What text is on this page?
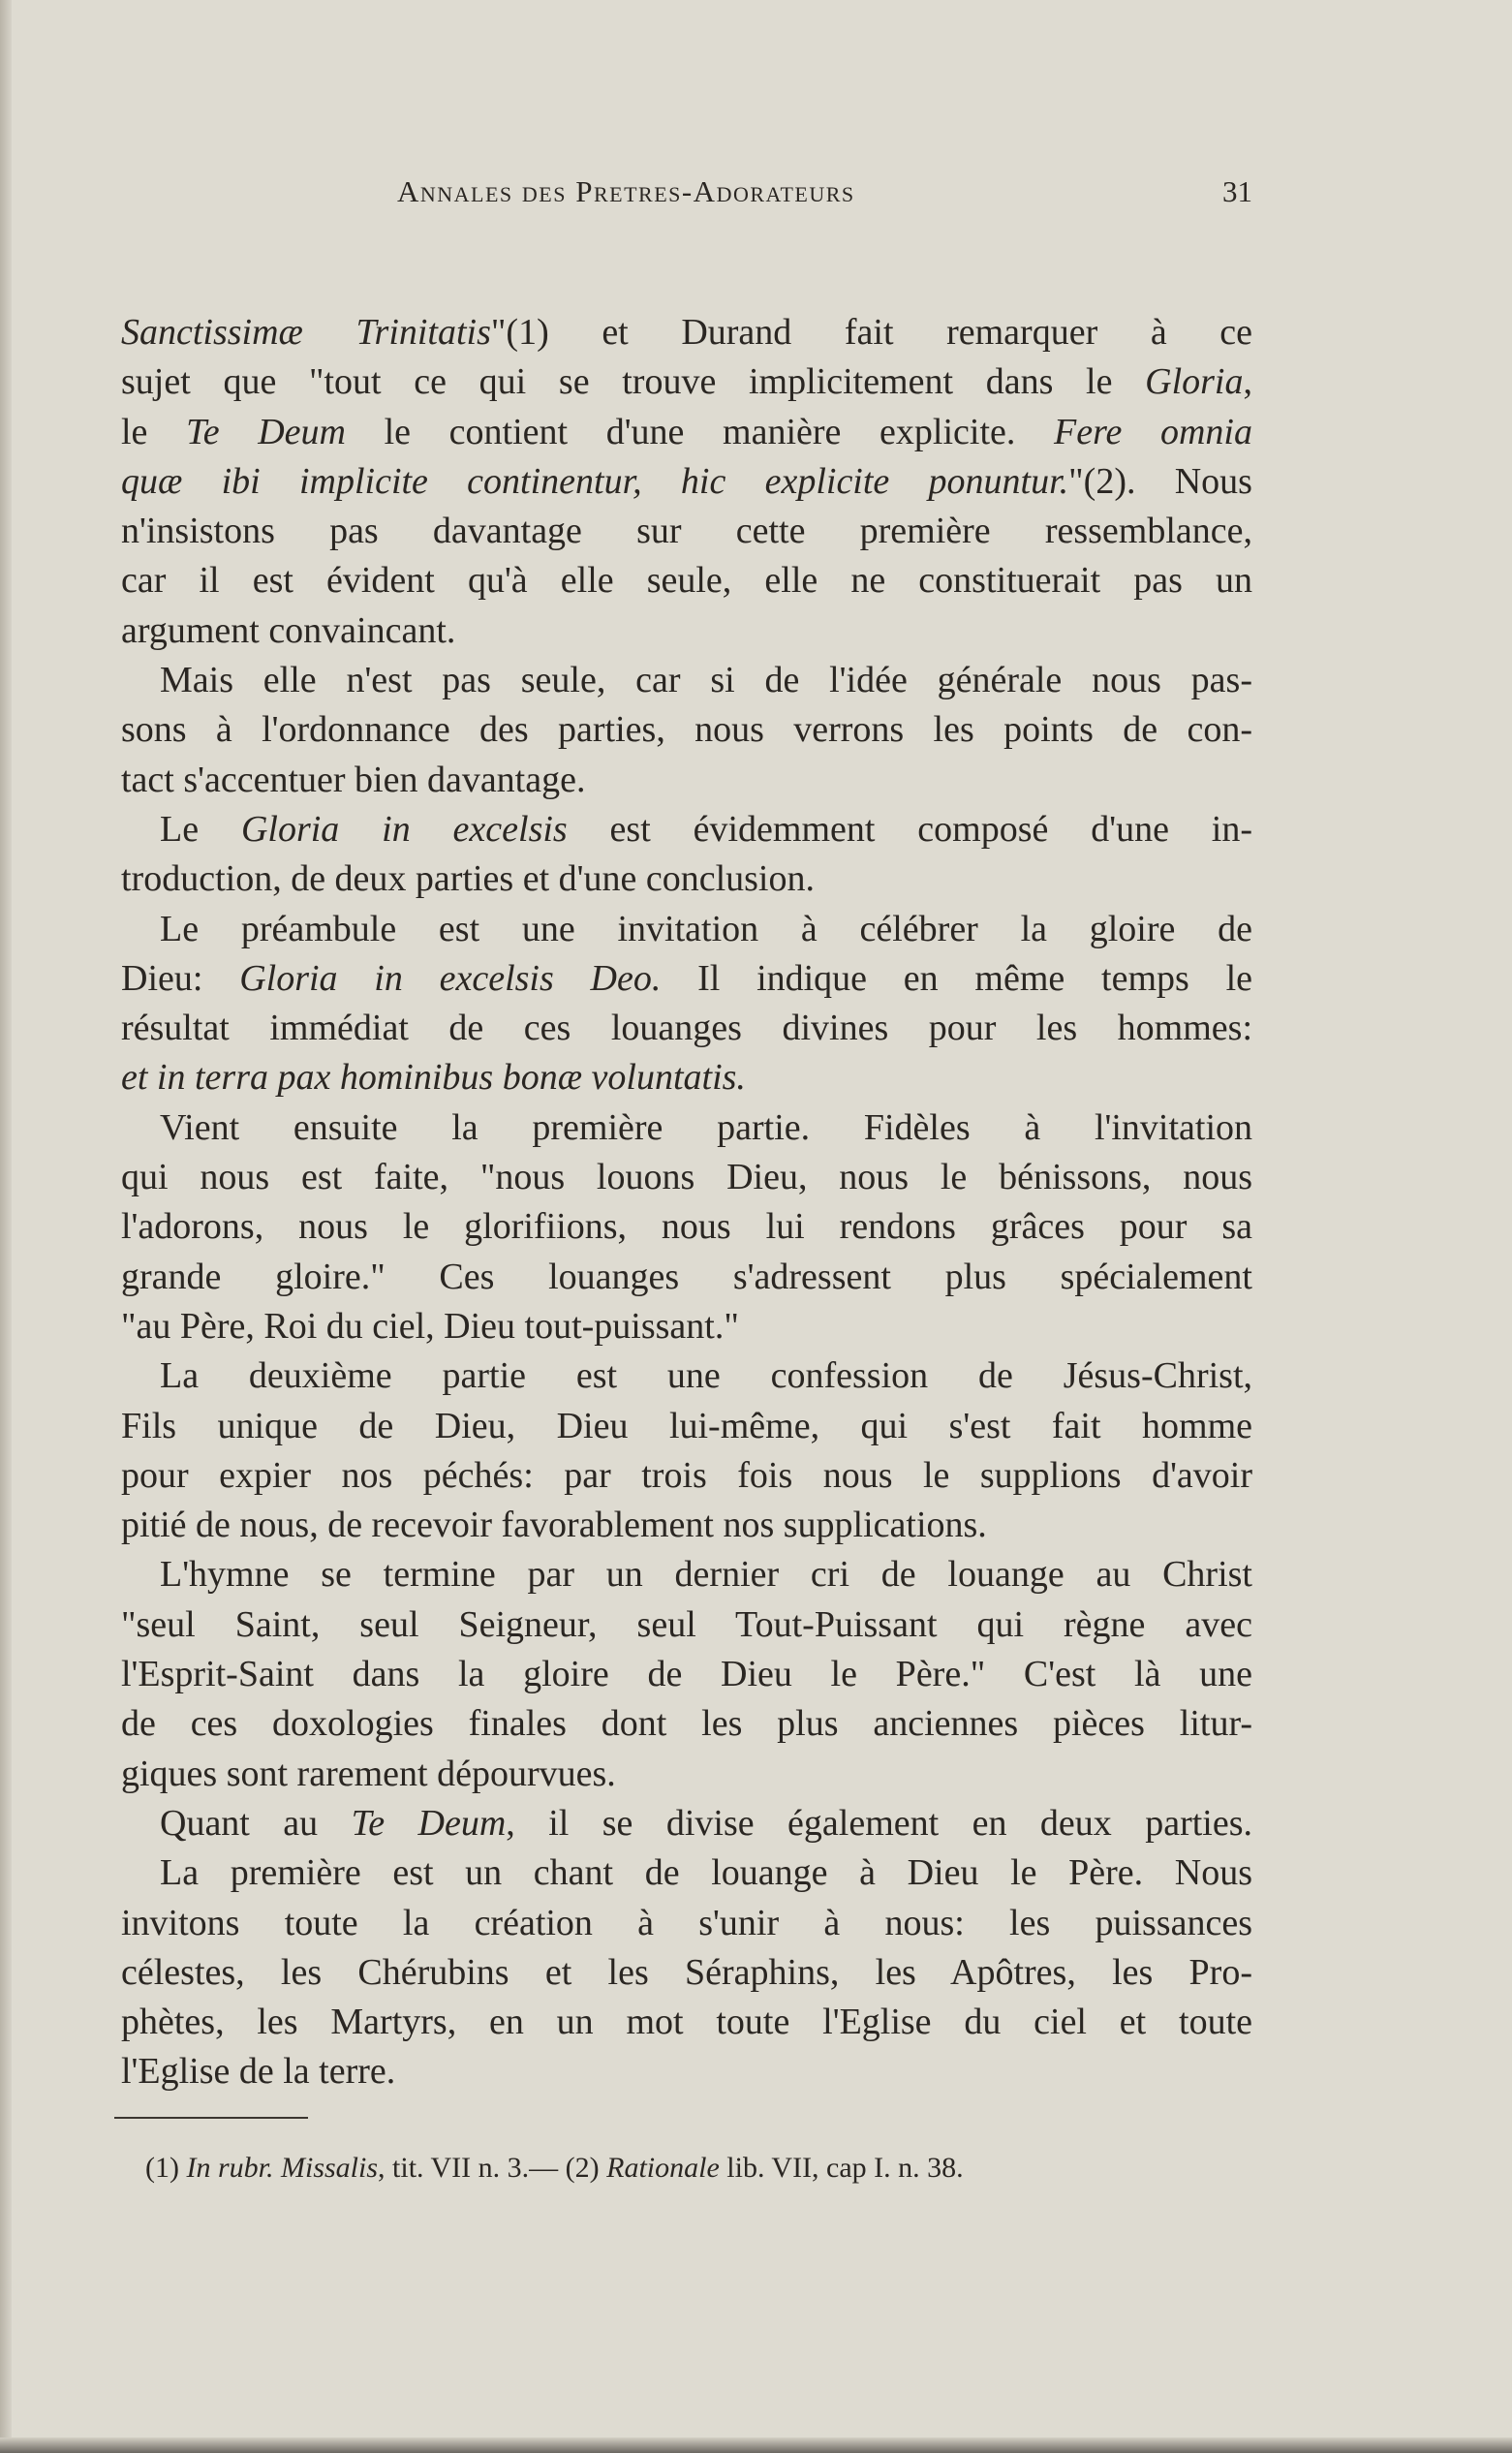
Annales des Pretres-Adorateurs	31
Sanctissimæ Trinitatis"(1) et Durand fait remarquer à ce
sujet que "tout ce qui se trouve implicitement dans le Gloria,
le Te Deum le contient d'une manière explicite. Fere omnia
quæ ibi implicite continentur, hic explicite ponuntur."(2). Nous
n'insistons pas davantage sur cette première ressemblance,
car il est évident qu'à elle seule, elle ne constituerait pas un
argument convaincant.
Mais elle n'est pas seule, car si de l'idée générale nous pas-
sons à l'ordonnance des parties, nous verrons les points de con-
tact s'accentuer bien davantage.
Le Gloria in excelsis est évidemment composé d'une in-
troduction, de deux parties et d'une conclusion.
Le préambule est une invitation à célébrer la gloire de
Dieu: Gloria in excelsis Deo. Il indique en même temps le
résultat immédiat de ces louanges divines pour les hommes:
et in terra pax hominibus bonæ voluntatis.
Vient ensuite la première partie. Fidèles à l'invitation
qui nous est faite, "nous louons Dieu, nous le bénissons, nous
l'adorons, nous le glorifiions, nous lui rendons grâces pour sa
grande gloire." Ces louanges s'adressent plus spécialement
"au Père, Roi du ciel, Dieu tout-puissant."
La deuxième partie est une confession de Jésus-Christ,
Fils unique de Dieu, Dieu lui-même, qui s'est fait homme
pour expier nos péchés: par trois fois nous le supplions d'avoir
pitié de nous, de recevoir favorablement nos supplications.
L'hymne se termine par un dernier cri de louange au Christ
"seul Saint, seul Seigneur, seul Tout-Puissant qui règne avec
l'Esprit-Saint dans la gloire de Dieu le Père." C'est là une
de ces doxologies finales dont les plus anciennes pièces litur-
giques sont rarement dépourvues.
Quant au Te Deum, il se divise également en deux parties.
La première est un chant de louange à Dieu le Père. Nous
invitons toute la création à s'unir à nous: les puissances
célestes, les Chérubins et les Séraphins, les Apôtres, les Pro-
phètes, les Martyrs, en un mot toute l'Eglise du ciel et toute
l'Eglise de la terre.
(1) In rubr. Missalis, tit. VII n. 3.— (2) Rationale lib. VII, cap I. n. 38.
